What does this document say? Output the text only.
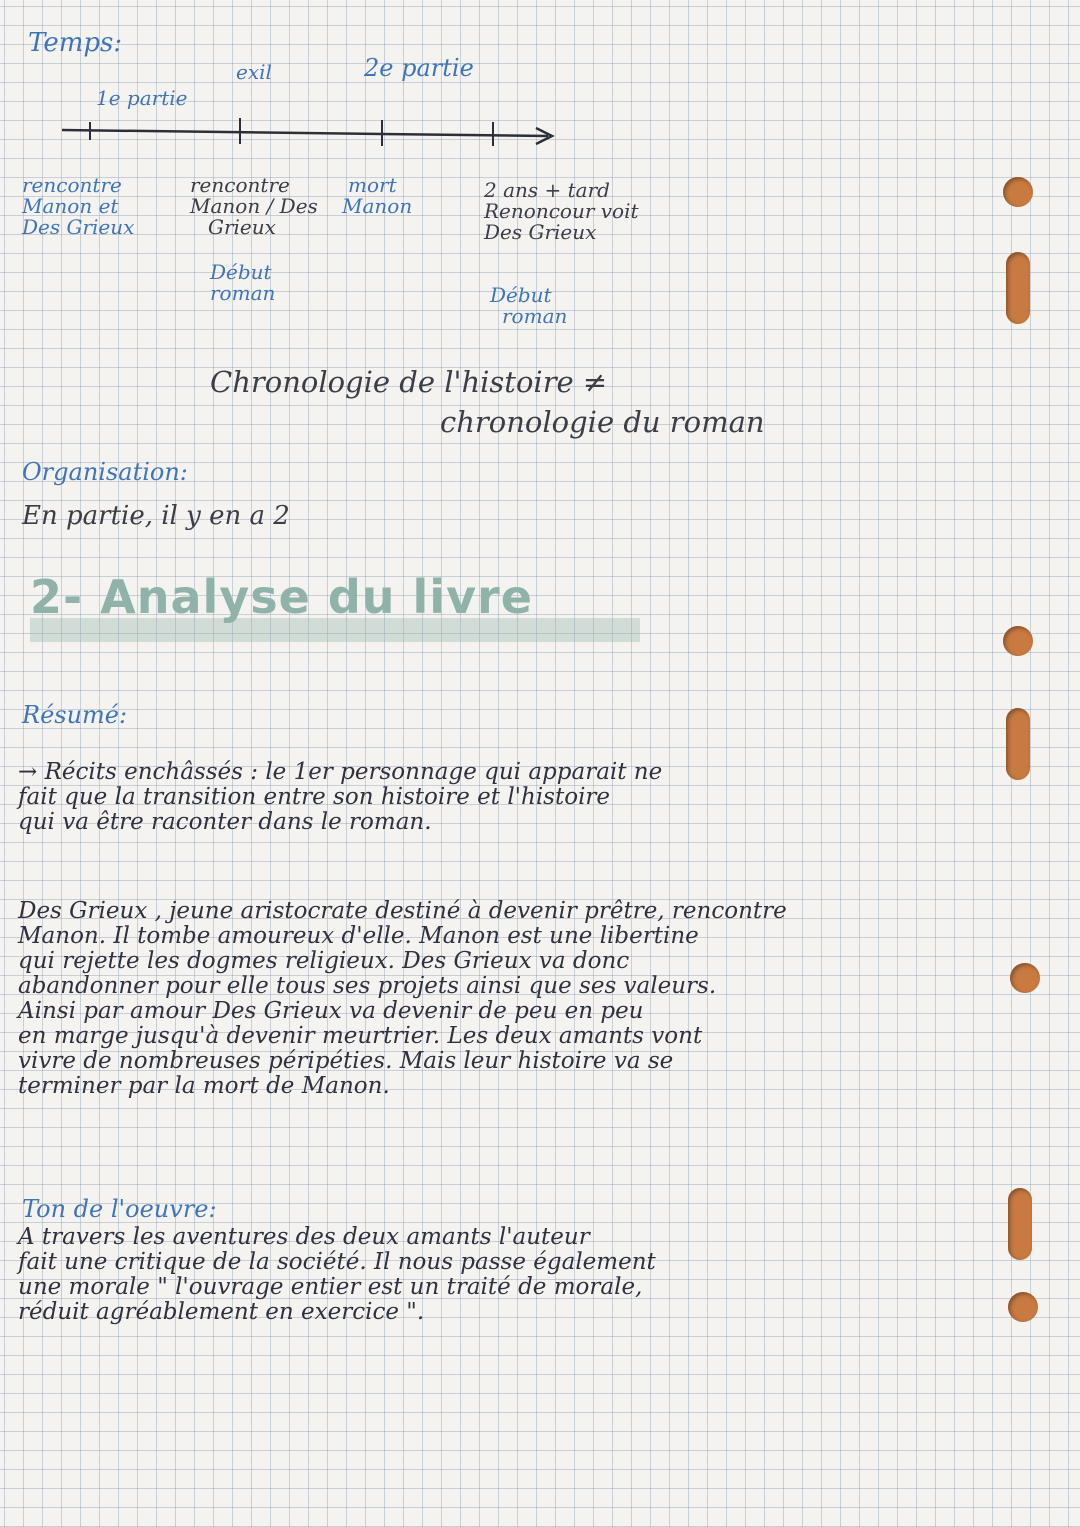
Temps:
1e partie
exil	2e partie
rencontre
Manon et
Des Grieux
rencontre
Manon / Des
Grieux
Début
roman
mort
Manon
2 ans + tard
Renoncour voit
Des Grieux
Début
roman
Chronologie de l'histoire ≠
chronologie du roman
Organisation:
En partie, il y en a 2
2- Analyse du livre
Résumé:
→ Récits enchâssés : le 1er personnage qui apparait ne
fait que la transition entre son histoire et l'histoire
qui va être raconter dans le roman.
Des Grieux , jeune aristocrate destiné à devenir prêtre, rencontre
Manon. Il tombe amoureux d'elle. Manon est une libertine
qui rejette les dogmes religieux. Des Grieux va donc
abandonner pour elle tous ses projets ainsi que ses valeurs.
Ainsi par amour Des Grieux va devenir de peu en peu
en marge jusqu'à devenir meurtrier. Les deux amants vont
vivre de nombreuses péripéties. Mais leur histoire va se
terminer par la mort de Manon.
Ton de l'oeuvre:
A travers les aventures des deux amants l'auteur
fait une critique de la société. Il nous passe également
une morale " l'ouvrage entier est un traité de morale,
réduit agréablement en exercice ".
